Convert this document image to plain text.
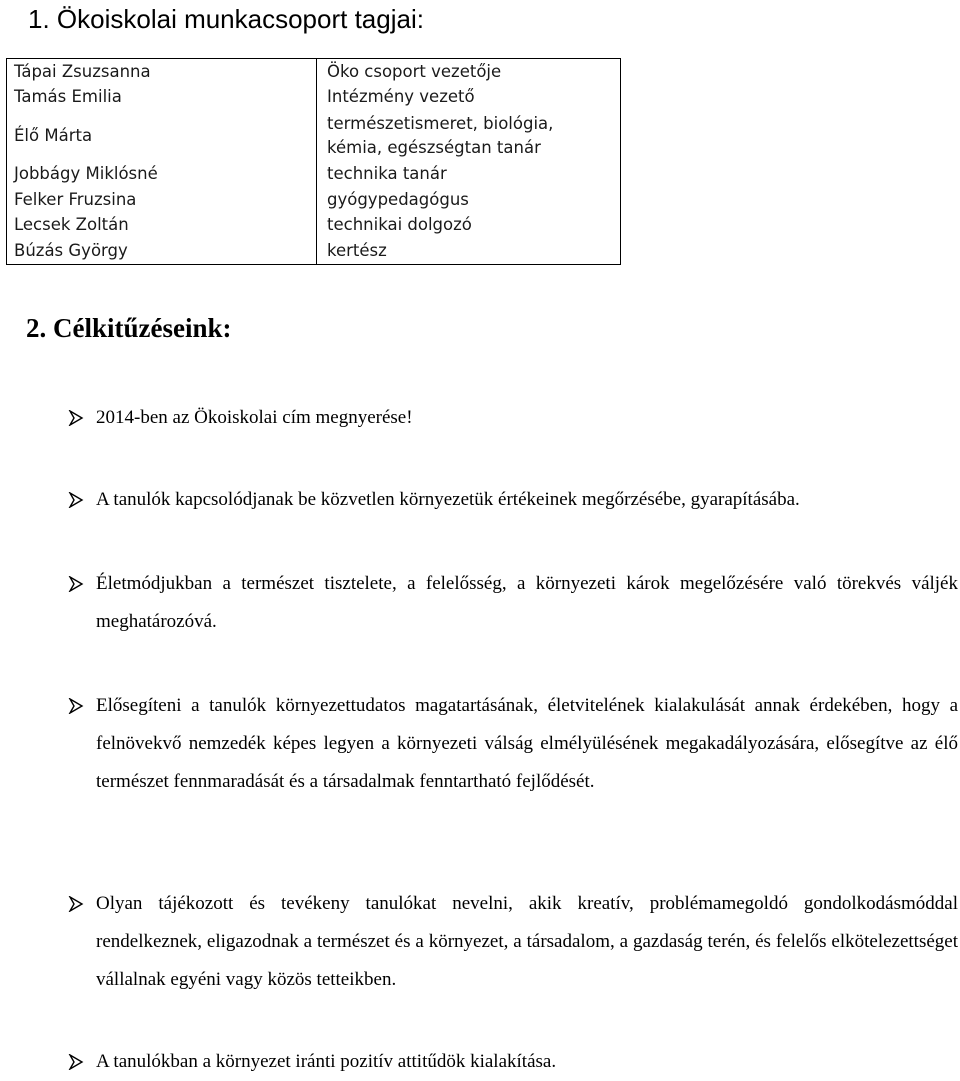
1. Ökoiskolai munkacsoport tagjai:
Tápai Zsuzsanna	Öko csoport vezetője
Tamás Emilia	Intézmény vezető
Élő Márta	természetismeret, biológia,
kémia, egészségtan tanár
Jobbágy Miklósné	technika tanár
Felker Fruzsina	gyógypedagógus
Lecsek Zoltán	technikai dolgozó
Búzás György	kertész
2. Célkitűzéseink:
2014-ben az Ökoiskolai cím megnyerése!
A tanulók kapcsolódjanak be közvetlen környezetük értékeinek megőrzésébe, gyarapításába.
Életmódjukban a természet tisztelete, a felelősség, a környezeti károk megelőzésére való törekvés váljék meghatározóvá.
Elősegíteni a tanulók környezettudatos magatartásának, életvitelének kialakulását annak érdekében, hogy a felnövekvő nemzedék képes legyen a környezeti válság elmélyülésének megakadályozására, elősegítve az élő természet fennmaradását és a társadalmak fenntartható fejlődését.
Olyan tájékozott és tevékeny tanulókat nevelni, akik kreatív, problémamegoldó gondolkodásmóddal rendelkeznek, eligazodnak a természet és a környezet, a társadalom, a gazdaság terén, és felelős elkötelezettséget vállalnak egyéni vagy közös tetteikben.
A tanulókban a környezet iránti pozitív attitűdök kialakítása.
